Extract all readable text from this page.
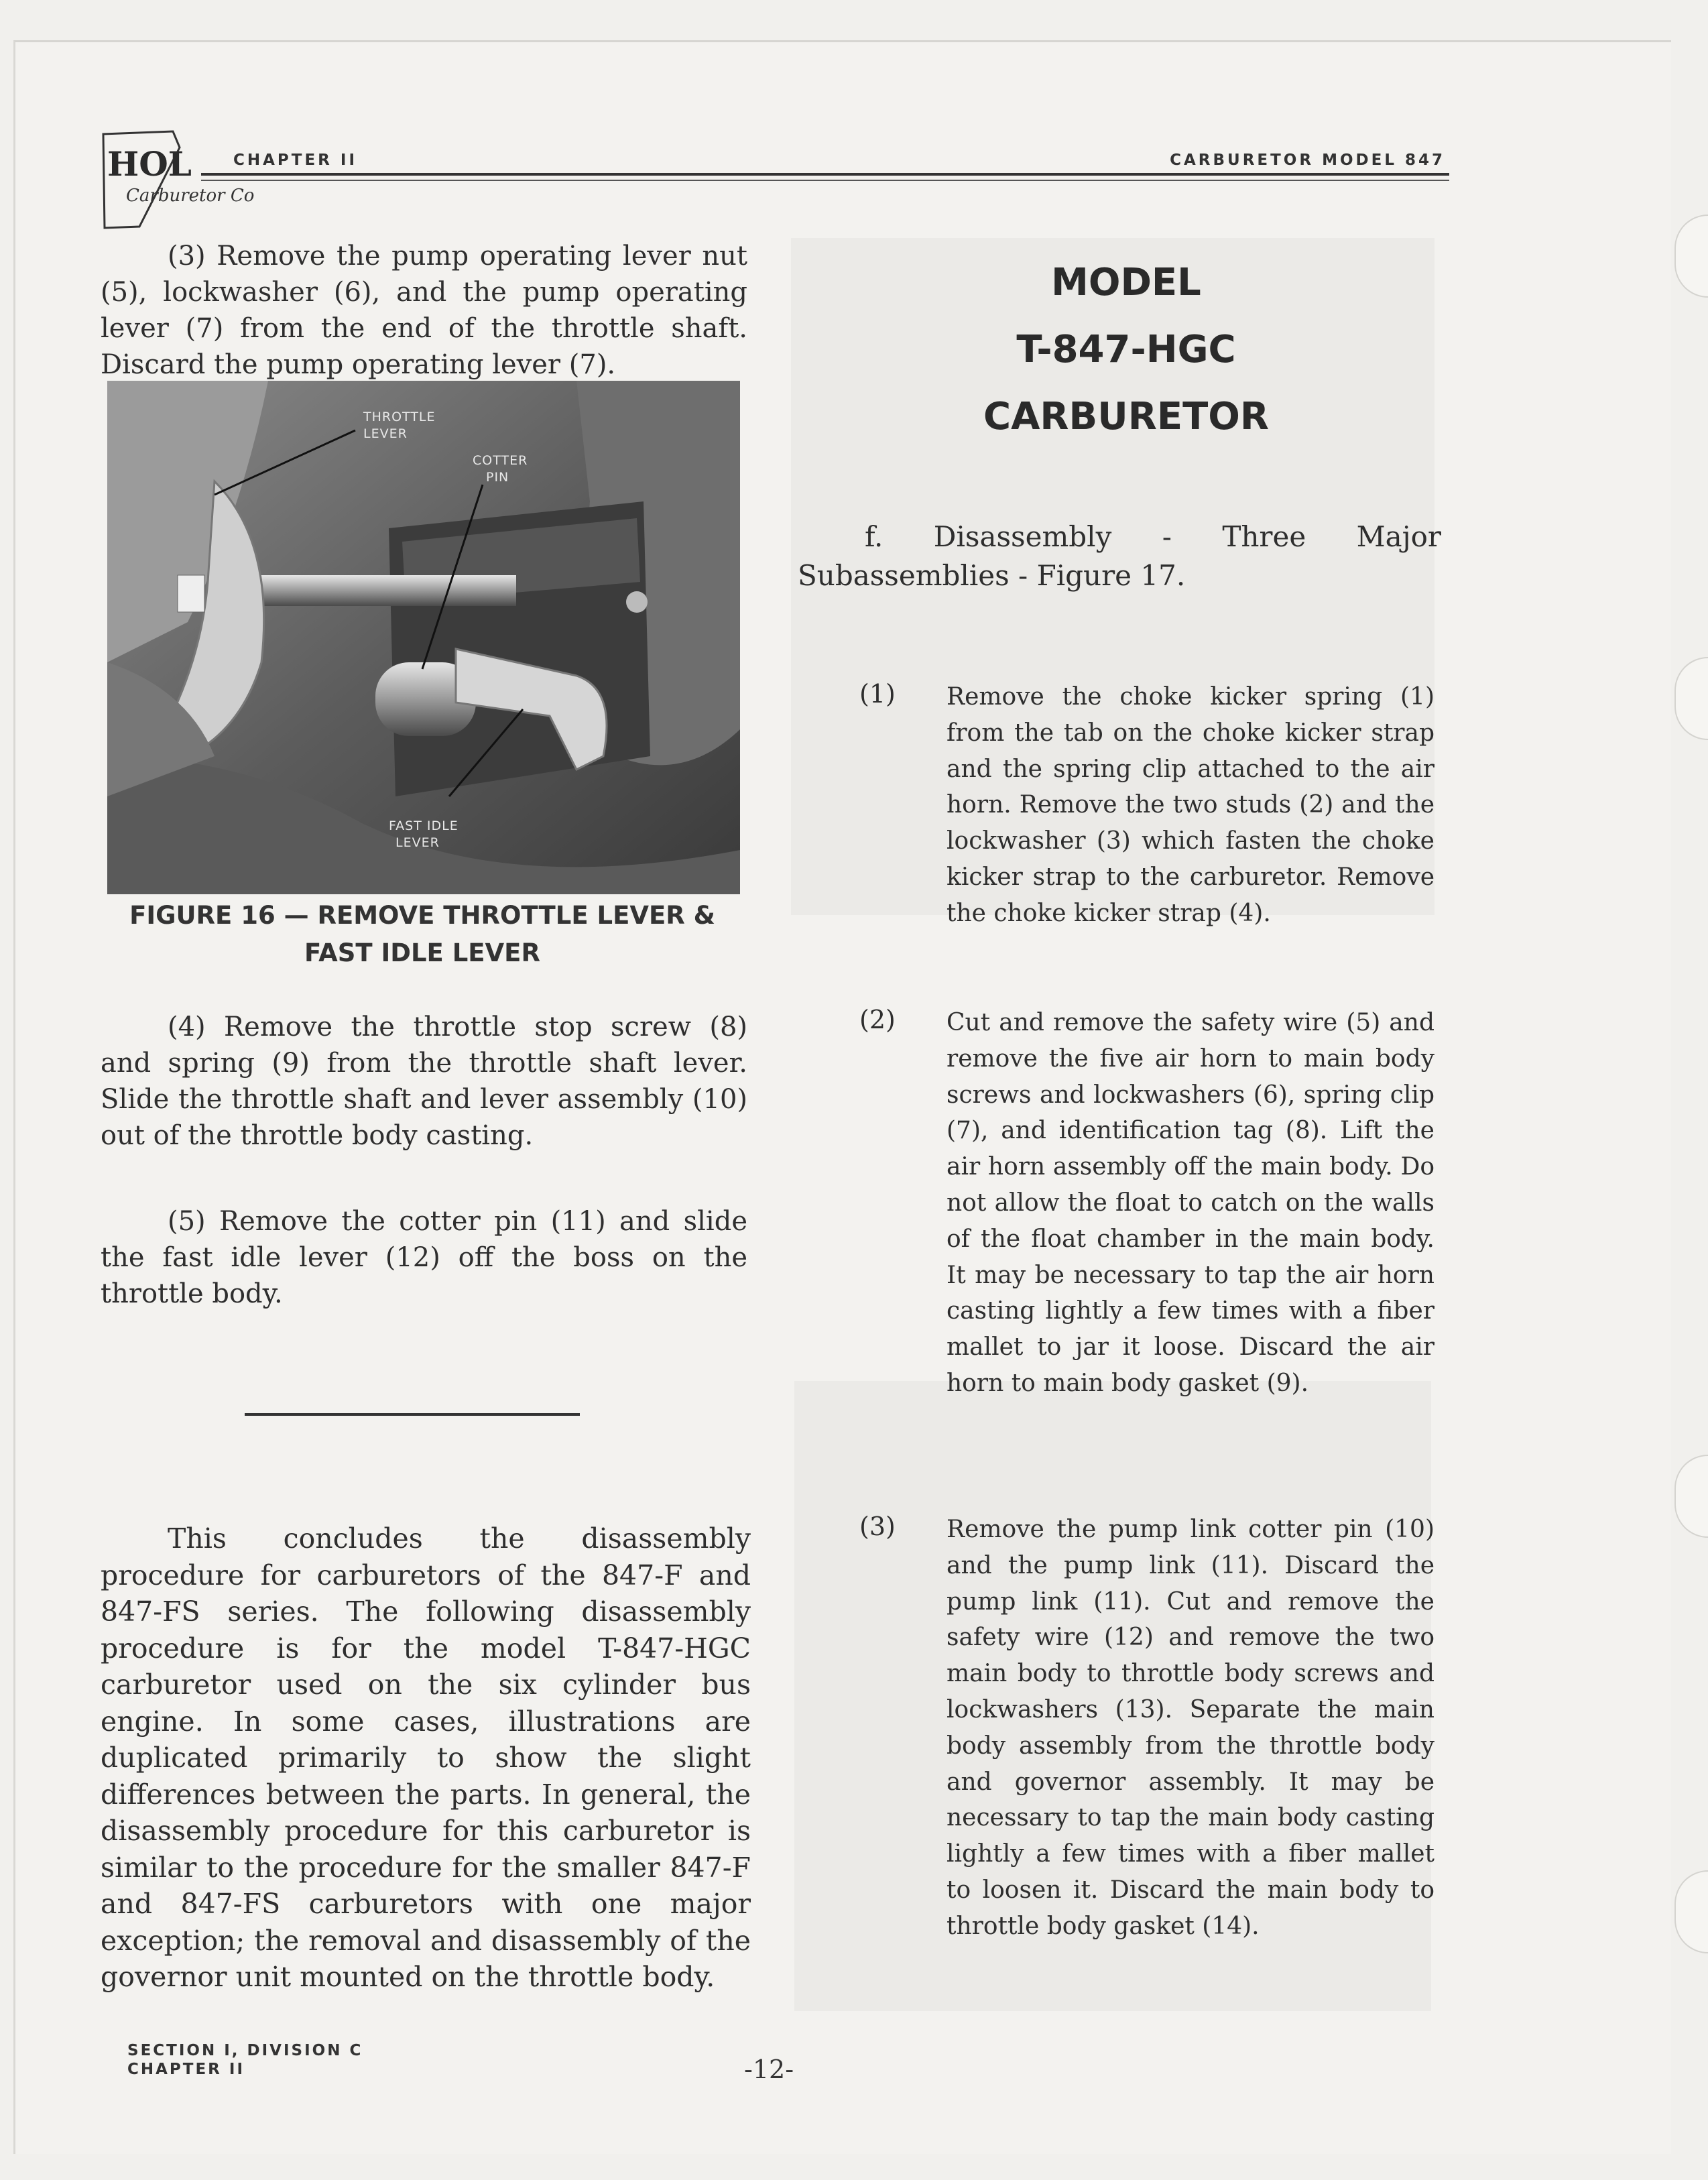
HOL
Carburetor Co
CHAPTER II	CARBURETOR MODEL 847

(3) Remove the pump operating lever nut (5), lockwasher (6), and the pump operating lever (7) from the end of the throttle shaft. Discard the pump operating lever (7).

THROTTLE
LEVER
COTTER
PIN
FAST IDLE
LEVER
FIGURE 16 — REMOVE THROTTLE LEVER &
FAST IDLE LEVER

(4) Remove the throttle stop screw (8) and spring (9) from the throttle shaft lever. Slide the throttle shaft and lever assembly (10) out of the throttle body casting.

(5) Remove the cotter pin (11) and slide the fast idle lever (12) off the boss on the throttle body.

This concludes the disassembly procedure for carburetors of the 847-F and 847-FS series. The following disassembly procedure is for the model T-847-HGC carburetor used on the six cylinder bus engine. In some cases, illustrations are duplicated primarily to show the slight differences between the parts. In general, the disassembly procedure for this carburetor is similar to the procedure for the smaller 847-F and 847-FS carburetors with one major exception; the removal and disassembly of the governor unit mounted on the throttle body.

MODEL
T-847-HGC
CARBURETOR

f. Disassembly - Three Major Subassemblies - Figure 17.

(1) Remove the choke kicker spring (1) from the tab on the choke kicker strap and the spring clip attached to the air horn. Remove the two studs (2) and the lockwasher (3) which fasten the choke kicker strap to the carburetor. Remove the choke kicker strap (4).
(2) Cut and remove the safety wire (5) and remove the five air horn to main body screws and lockwashers (6), spring clip (7), and identification tag (8). Lift the air horn assembly off the main body. Do not allow the float to catch on the walls of the float chamber in the main body. It may be necessary to tap the air horn casting lightly a few times with a fiber mallet to jar it loose. Discard the air horn to main body gasket (9).
(3) Remove the pump link cotter pin (10) and the pump link (11). Discard the pump link (11). Cut and remove the safety wire (12) and remove the two main body to throttle body screws and lockwashers (13). Separate the main body assembly from the throttle body and governor assembly. It may be necessary to tap the main body casting lightly a few times with a fiber mallet to loosen it. Discard the main body to throttle body gasket (14).
SECTION I, DIVISION C
CHAPTER II	-12-
